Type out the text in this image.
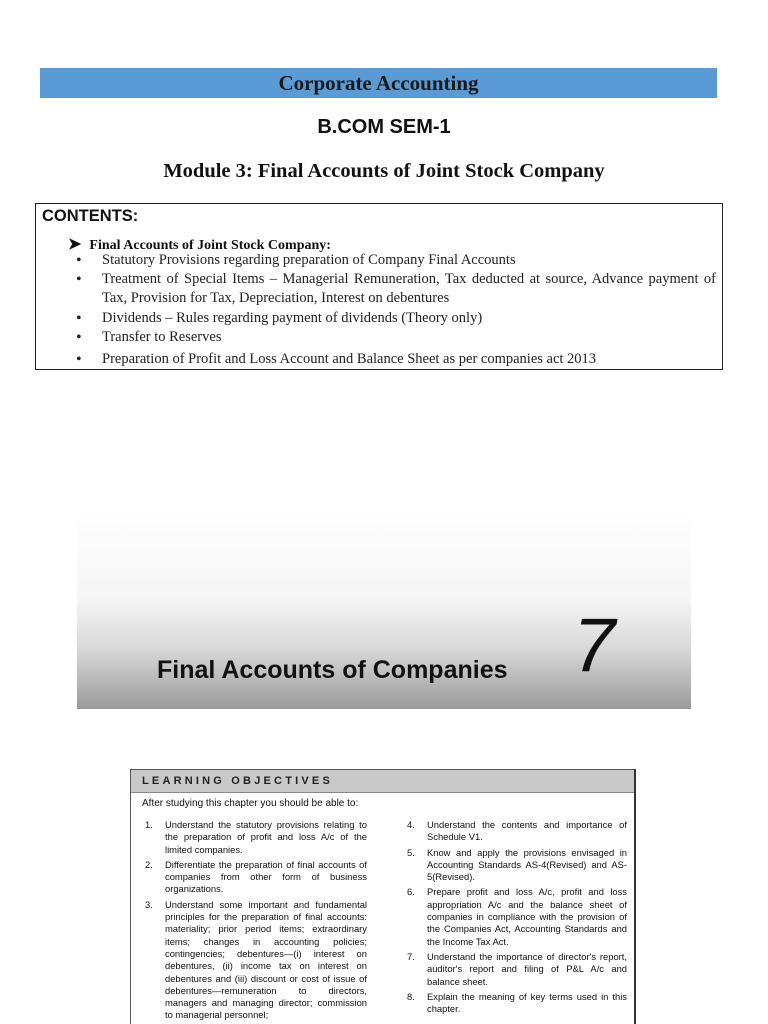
Corporate Accounting
B.COM SEM-1
Module 3: Final Accounts of Joint Stock Company
CONTENTS:
➤ Final Accounts of Joint Stock Company:
• Statutory Provisions regarding preparation of Company Final Accounts
• Treatment of Special Items – Managerial Remuneration, Tax deducted at source, Advance payment of Tax, Provision for Tax, Depreciation, Interest on debentures
• Dividends – Rules regarding payment of dividends (Theory only)
• Transfer to Reserves
• Preparation of Profit and Loss Account and Balance Sheet as per companies act 2013
Final Accounts of Companies 7
LEARNING OBJECTIVES
After studying this chapter you should be able to:
1. Understand the statutory provisions relating to the preparation of profit and loss A/c of the limited companies.
2. Differentiate the preparation of final accounts of companies from other form of business organizations.
3. Understand some important and fundamental principles for the preparation of final accounts: materiality; prior period items; extraordinary items; changes in accounting policies; contingencies; debentures—(i) interest on debentures, (ii) income tax on interest on debentures and (iii) discount or cost of issue of debentures—remuneration to directors, managers and managing director; commission to managerial personnel;
4. Understand the contents and importance of Schedule V1.
5. Know and apply the provisions envisaged in Accounting Standards AS-4(Revised) and AS-5(Revised).
6. Prepare profit and loss A/c, profit and loss appropriation A/c and the balance sheet of companies in compliance with the provision of the Companies Act, Accounting Standards and the Income Tax Act.
7. Understand the importance of director's report, auditor's report and filing of P&L A/c and balance sheet.
8. Explain the meaning of key terms used in this chapter.
